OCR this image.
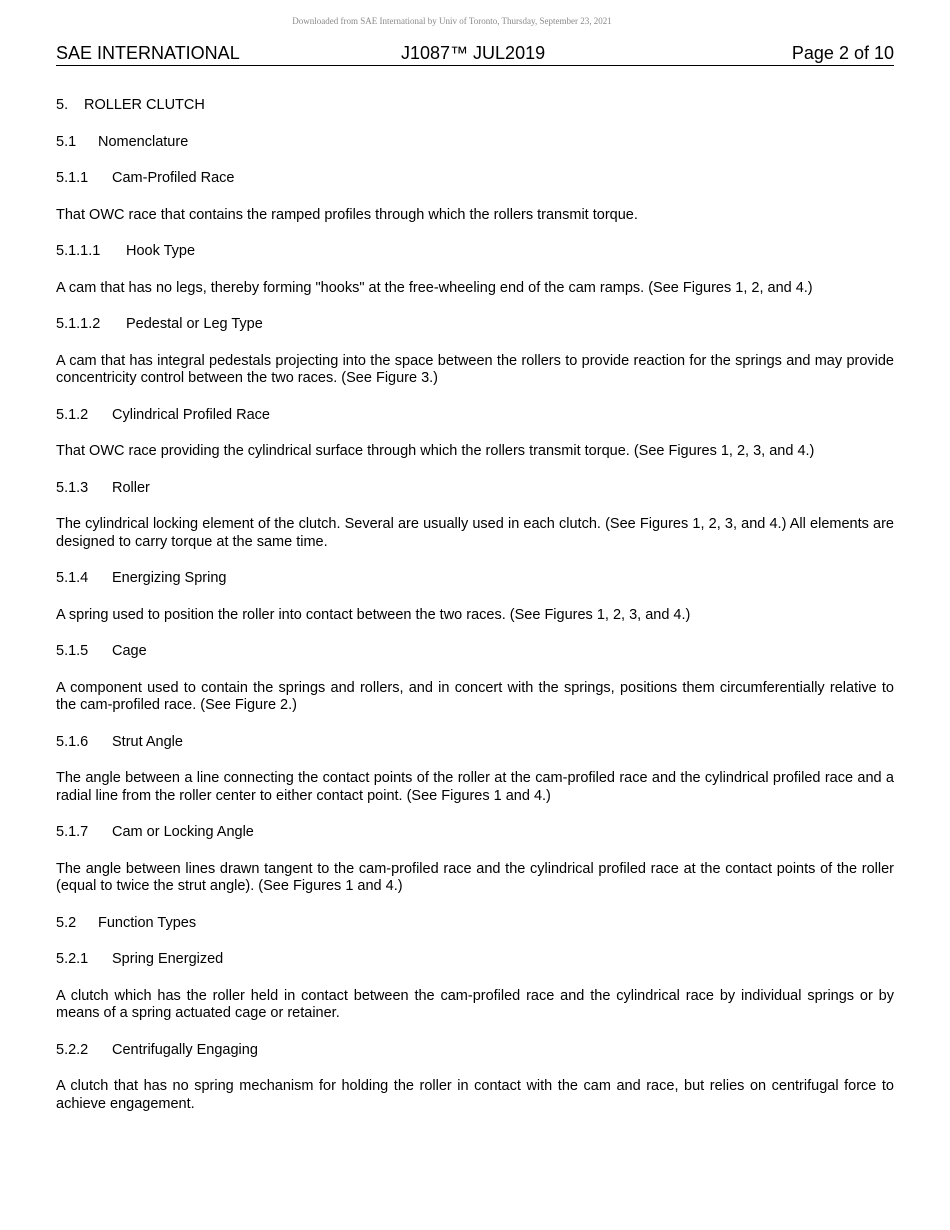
Downloaded from SAE International by Univ of Toronto, Thursday, September 23, 2021
SAE INTERNATIONAL	J1087™ JUL2019	Page 2 of 10
5. ROLLER CLUTCH
5.1 Nomenclature
5.1.1 Cam-Profiled Race
That OWC race that contains the ramped profiles through which the rollers transmit torque.
5.1.1.1 Hook Type
A cam that has no legs, thereby forming "hooks" at the free-wheeling end of the cam ramps. (See Figures 1, 2, and 4.)
5.1.1.2 Pedestal or Leg Type
A cam that has integral pedestals projecting into the space between the rollers to provide reaction for the springs and may provide concentricity control between the two races. (See Figure 3.)
5.1.2 Cylindrical Profiled Race
That OWC race providing the cylindrical surface through which the rollers transmit torque. (See Figures 1, 2, 3, and 4.)
5.1.3 Roller
The cylindrical locking element of the clutch. Several are usually used in each clutch. (See Figures 1, 2, 3, and 4.) All elements are designed to carry torque at the same time.
5.1.4 Energizing Spring
A spring used to position the roller into contact between the two races. (See Figures 1, 2, 3, and 4.)
5.1.5 Cage
A component used to contain the springs and rollers, and in concert with the springs, positions them circumferentially relative to the cam-profiled race. (See Figure 2.)
5.1.6 Strut Angle
The angle between a line connecting the contact points of the roller at the cam-profiled race and the cylindrical profiled race and a radial line from the roller center to either contact point. (See Figures 1 and 4.)
5.1.7 Cam or Locking Angle
The angle between lines drawn tangent to the cam-profiled race and the cylindrical profiled race at the contact points of the roller (equal to twice the strut angle). (See Figures 1 and 4.)
5.2 Function Types
5.2.1 Spring Energized
A clutch which has the roller held in contact between the cam-profiled race and the cylindrical race by individual springs or by means of a spring actuated cage or retainer.
5.2.2 Centrifugally Engaging
A clutch that has no spring mechanism for holding the roller in contact with the cam and race, but relies on centrifugal force to achieve engagement.
